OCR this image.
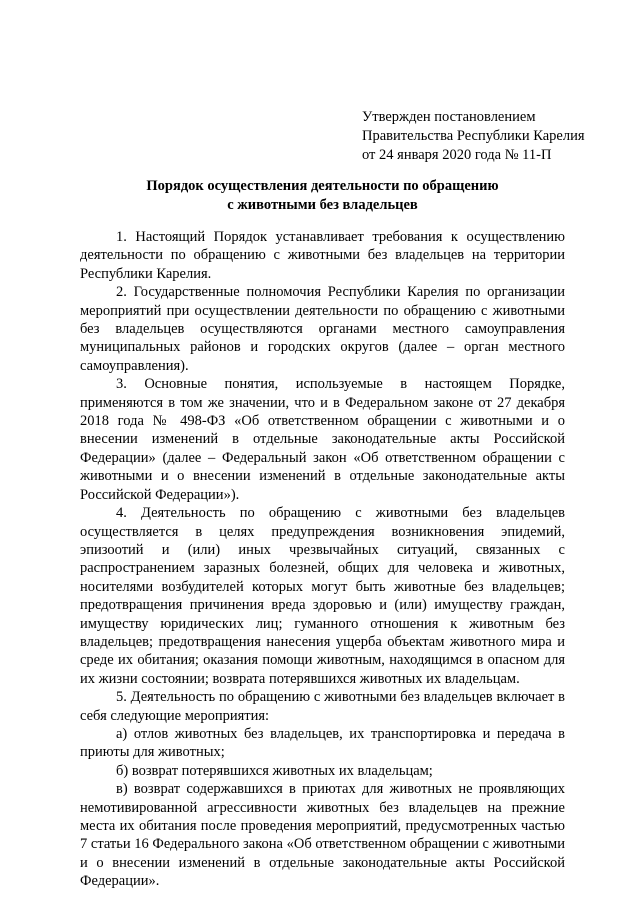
Утвержден постановлением
Правительства Республики Карелия
от 24 января 2020 года № 11-П
Порядок осуществления деятельности по обращению
с животными без владельцев

1. Настоящий Порядок устанавливает требования к осуществлению деятельности по обращению с животными без владельцев на территории Республики Карелия.

2. Государственные полномочия Республики Карелия по организации мероприятий при осуществлении деятельности по обращению с животными без владельцев осуществляются органами местного самоуправления муниципальных районов и городских округов (далее – орган местного самоуправления).

3. Основные понятия, используемые в настоящем Порядке, применяются в том же значении, что и в Федеральном законе от 27 декабря 2018 года № 498-ФЗ «Об ответственном обращении с животными и о внесении изменений в отдельные законодательные акты Российской Федерации» (далее – Федеральный закон «Об ответственном обращении с животными и о внесении изменений в отдельные законодательные акты Российской Федерации»).

4. Деятельность по обращению с животными без владельцев осуществляется в целях предупреждения возникновения эпидемий, эпизоотий и (или) иных чрезвычайных ситуаций, связанных с распространением заразных болезней, общих для человека и животных, носителями возбудителей которых могут быть животные без владельцев; предотвращения причинения вреда здоровью и (или) имуществу граждан, имуществу юридических лиц; гуманного отношения к животным без владельцев; предотвращения нанесения ущерба объектам животного мира и среде их обитания; оказания помощи животным, находящимся в опасном для их жизни состоянии; возврата потерявшихся животных их владельцам.

5. Деятельность по обращению с животными без владельцев включает в себя следующие мероприятия:

а) отлов животных без владельцев, их транспортировка и передача в приюты для животных;

б) возврат потерявшихся животных их владельцам;

в) возврат содержавшихся в приютах для животных не проявляющих немотивированной агрессивности животных без владельцев на прежние места их обитания после проведения мероприятий, предусмотренных частью 7 статьи 16 Федерального закона «Об ответственном обращении с животными и о внесении изменений в отдельные законодательные акты Российской Федерации».
